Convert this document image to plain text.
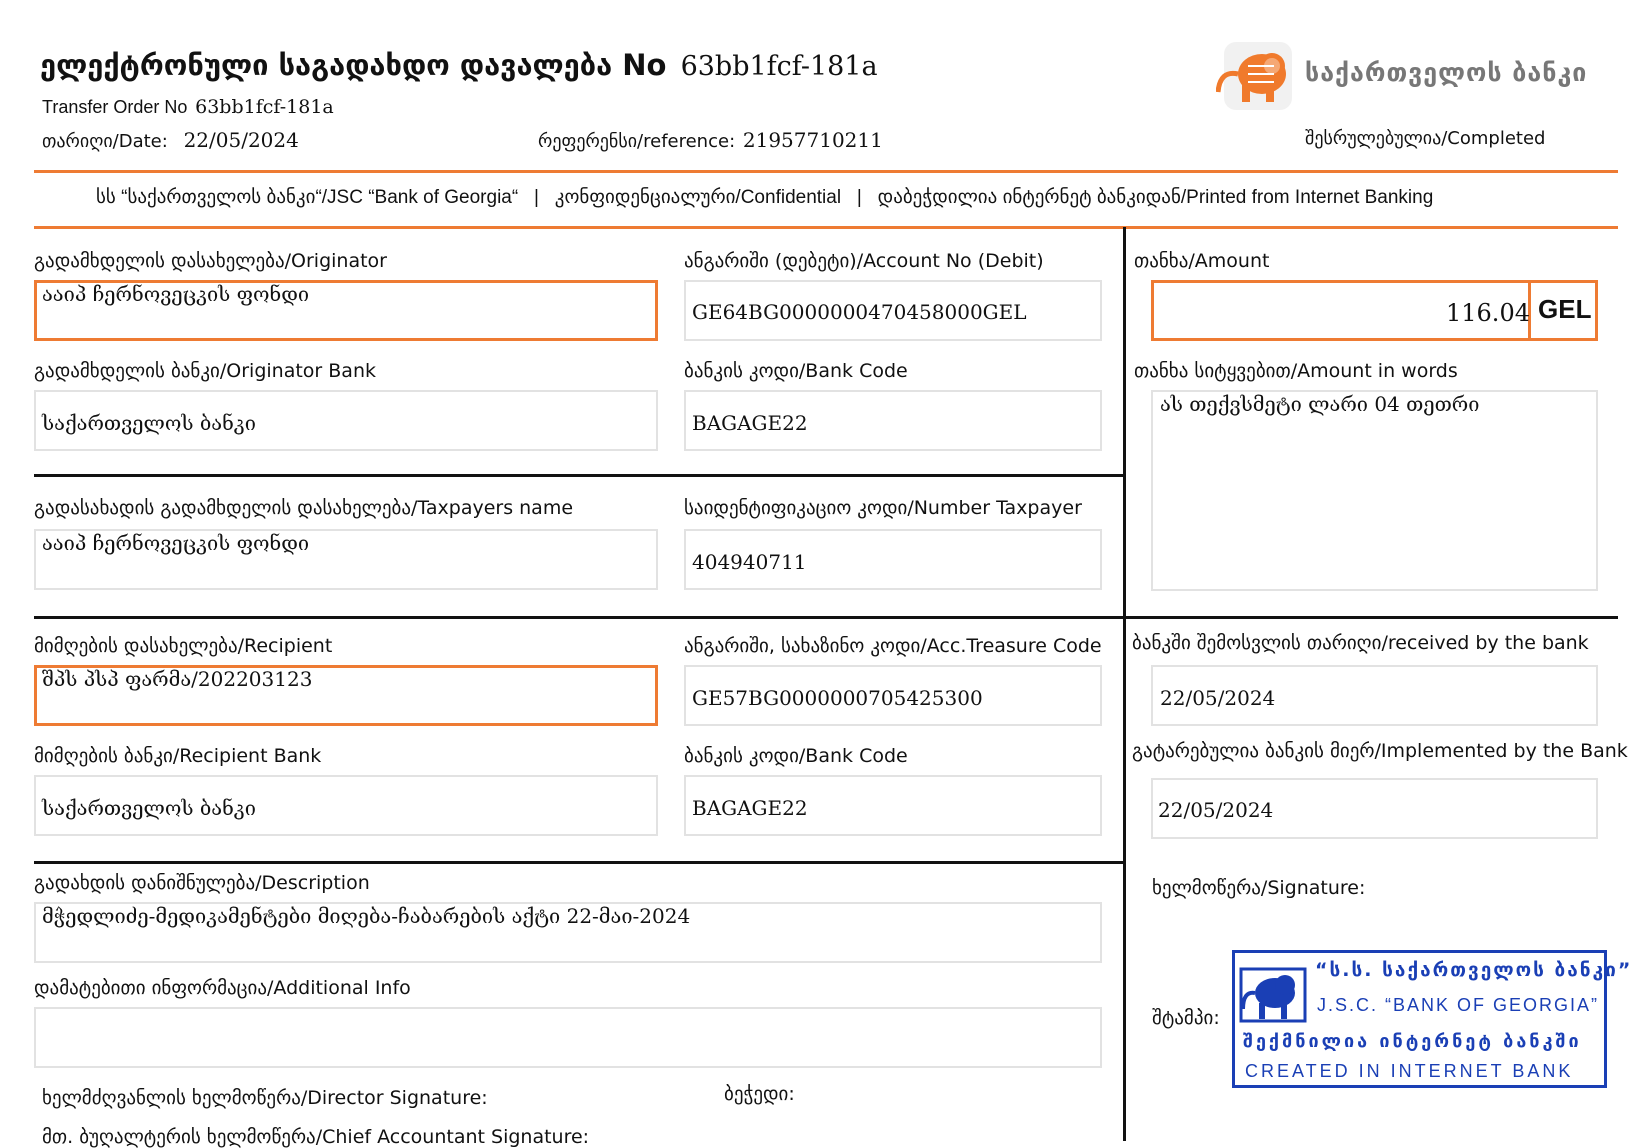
ელექტრონული საგადახდო დავალება No 63bb1fcf-181a
Transfer Order No 63bb1fcf-181a
თარიღი/Date: 22/05/2024	რეფერენსი/reference: 21957710211	შესრულებულია/Completed
საქართველოს ბანკი
სს “საქართველოს ბანკი“/JSC “Bank of Georgia“   |   კონფიდენციალური/Confidential   |   დაბეჭდილია ინტერნეტ ბანკიდან/Printed from Internet Banking
გადამხდელის დასახელება/Originator
ააიპ ჩერნოვეცკის ფონდი
ანგარიში (დებეტი)/Account No (Debit)
GE64BG0000000470458000GEL
გადამხდელის ბანკი/Originator Bank
საქართველოს ბანკი
ბანკის კოდი/Bank Code
BAGAGE22
თანხა/Amount
116.04 GEL
თანხა სიტყვებით/Amount in words
ას თექვსმეტი ლარი 04 თეთრი
გადასახადის გადამხდელის დასახელება/Taxpayers name
ააიპ ჩერნოვეცკის ფონდი
საიდენტიფიკაციო კოდი/Number Taxpayer
404940711
მიმღების დასახელება/Recipient
შპს პსპ ფარმა/202203123
ანგარიში, სახაზინო კოდი/Acc.Treasure Code
GE57BG0000000705425300
მიმღების ბანკი/Recipient Bank
საქართველოს ბანკი
ბანკის კოდი/Bank Code
BAGAGE22
ბანკში შემოსვლის თარიღი/received by the bank
22/05/2024
გატარებულია ბანკის მიერ/Implemented by the Bank
22/05/2024
გადახდის დანიშნულება/Description
მჭედლიძე-მედიკამენტები მიღება-ჩაბარების აქტი 22-მაი-2024
დამატებითი ინფორმაცია/Additional Info
ხელმძღვანლის ხელმოწერა/Director Signature:	ბეჭედი:
მთ. ბუღალტერის ხელმოწერა/Chief Accountant Signature:
ხელმოწერა/Signature:
შტამპი:
“ს.ს. საქართველოს ბანკი”
J.S.C. “BANK OF GEORGIA”
შექმნილია ინტერნეტ ბანკში
CREATED IN INTERNET BANK
